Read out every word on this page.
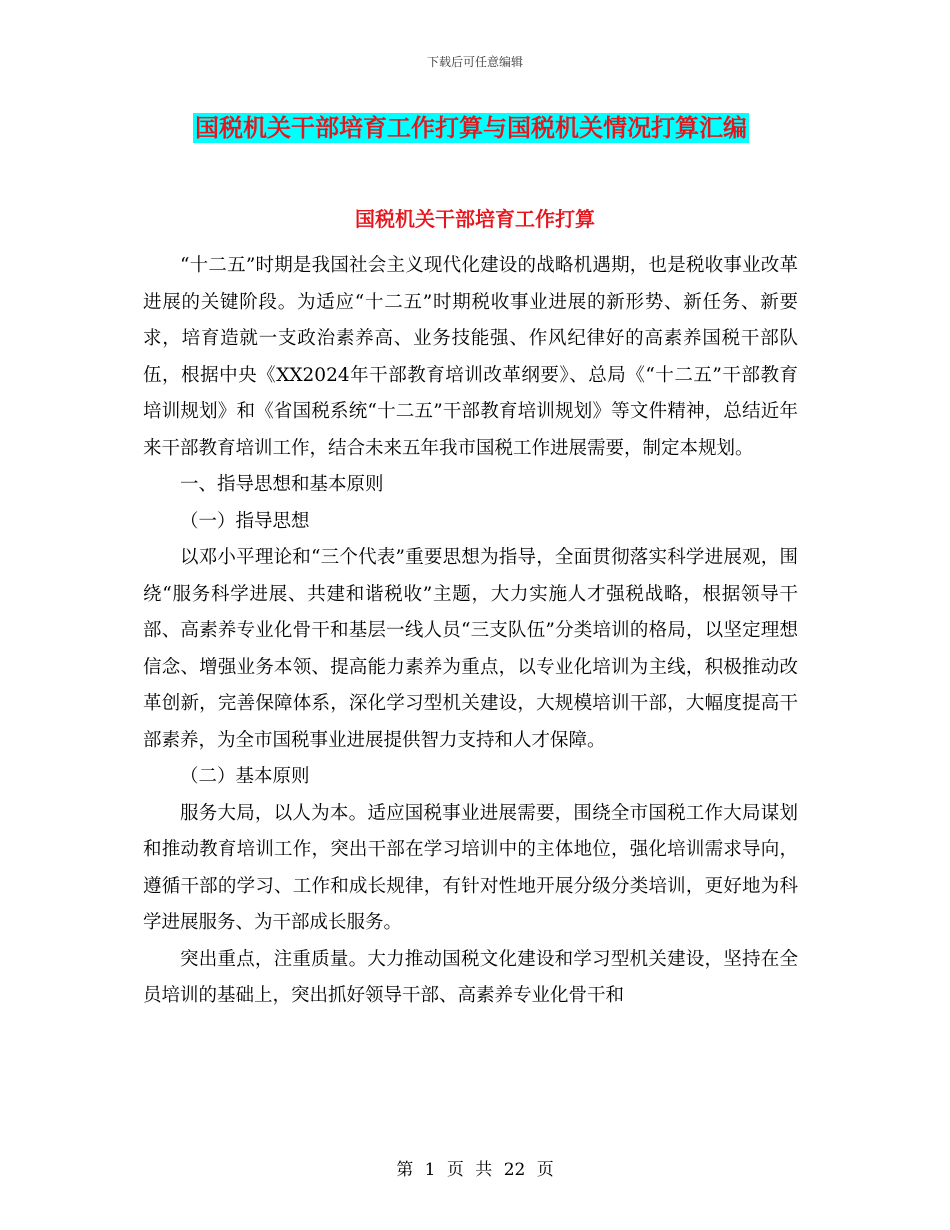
下载后可任意编辑
国税机关干部培育工作打算与国税机关情况打算汇编
国税机关干部培育工作打算

“十二五”时期是我国社会主义现代化建设的战略机遇期，也是税收事业改革进展的关键阶段。为适应“十二五”时期税收事业进展的新形势、新任务、新要求，培育造就一支政治素养高、业务技能强、作风纪律好的高素养国税干部队伍，根据中央《XX2024年干部教育培训改革纲要》、总局《“十二五”干部教育培训规划》和《省国税系统“十二五”干部教育培训规划》等文件精神，总结近年来干部教育培训工作，结合未来五年我市国税工作进展需要，制定本规划。

一、指导思想和基本原则

（一）指导思想

以邓小平理论和“三个代表”重要思想为指导，全面贯彻落实科学进展观，围绕“服务科学进展、共建和谐税收”主题，大力实施人才强税战略，根据领导干部、高素养专业化骨干和基层一线人员“三支队伍”分类培训的格局，以坚定理想信念、增强业务本领、提高能力素养为重点，以专业化培训为主线，积极推动改革创新，完善保障体系，深化学习型机关建设，大规模培训干部，大幅度提高干部素养，为全市国税事业进展提供智力支持和人才保障。

（二）基本原则

服务大局，以人为本。适应国税事业进展需要，围绕全市国税工作大局谋划和推动教育培训工作，突出干部在学习培训中的主体地位，强化培训需求导向，遵循干部的学习、工作和成长规律，有针对性地开展分级分类培训，更好地为科学进展服务、为干部成长服务。

突出重点，注重质量。大力推动国税文化建设和学习型机关建设，坚持在全员培训的基础上，突出抓好领导干部、高素养专业化骨干和

第 1 页 共 22 页
